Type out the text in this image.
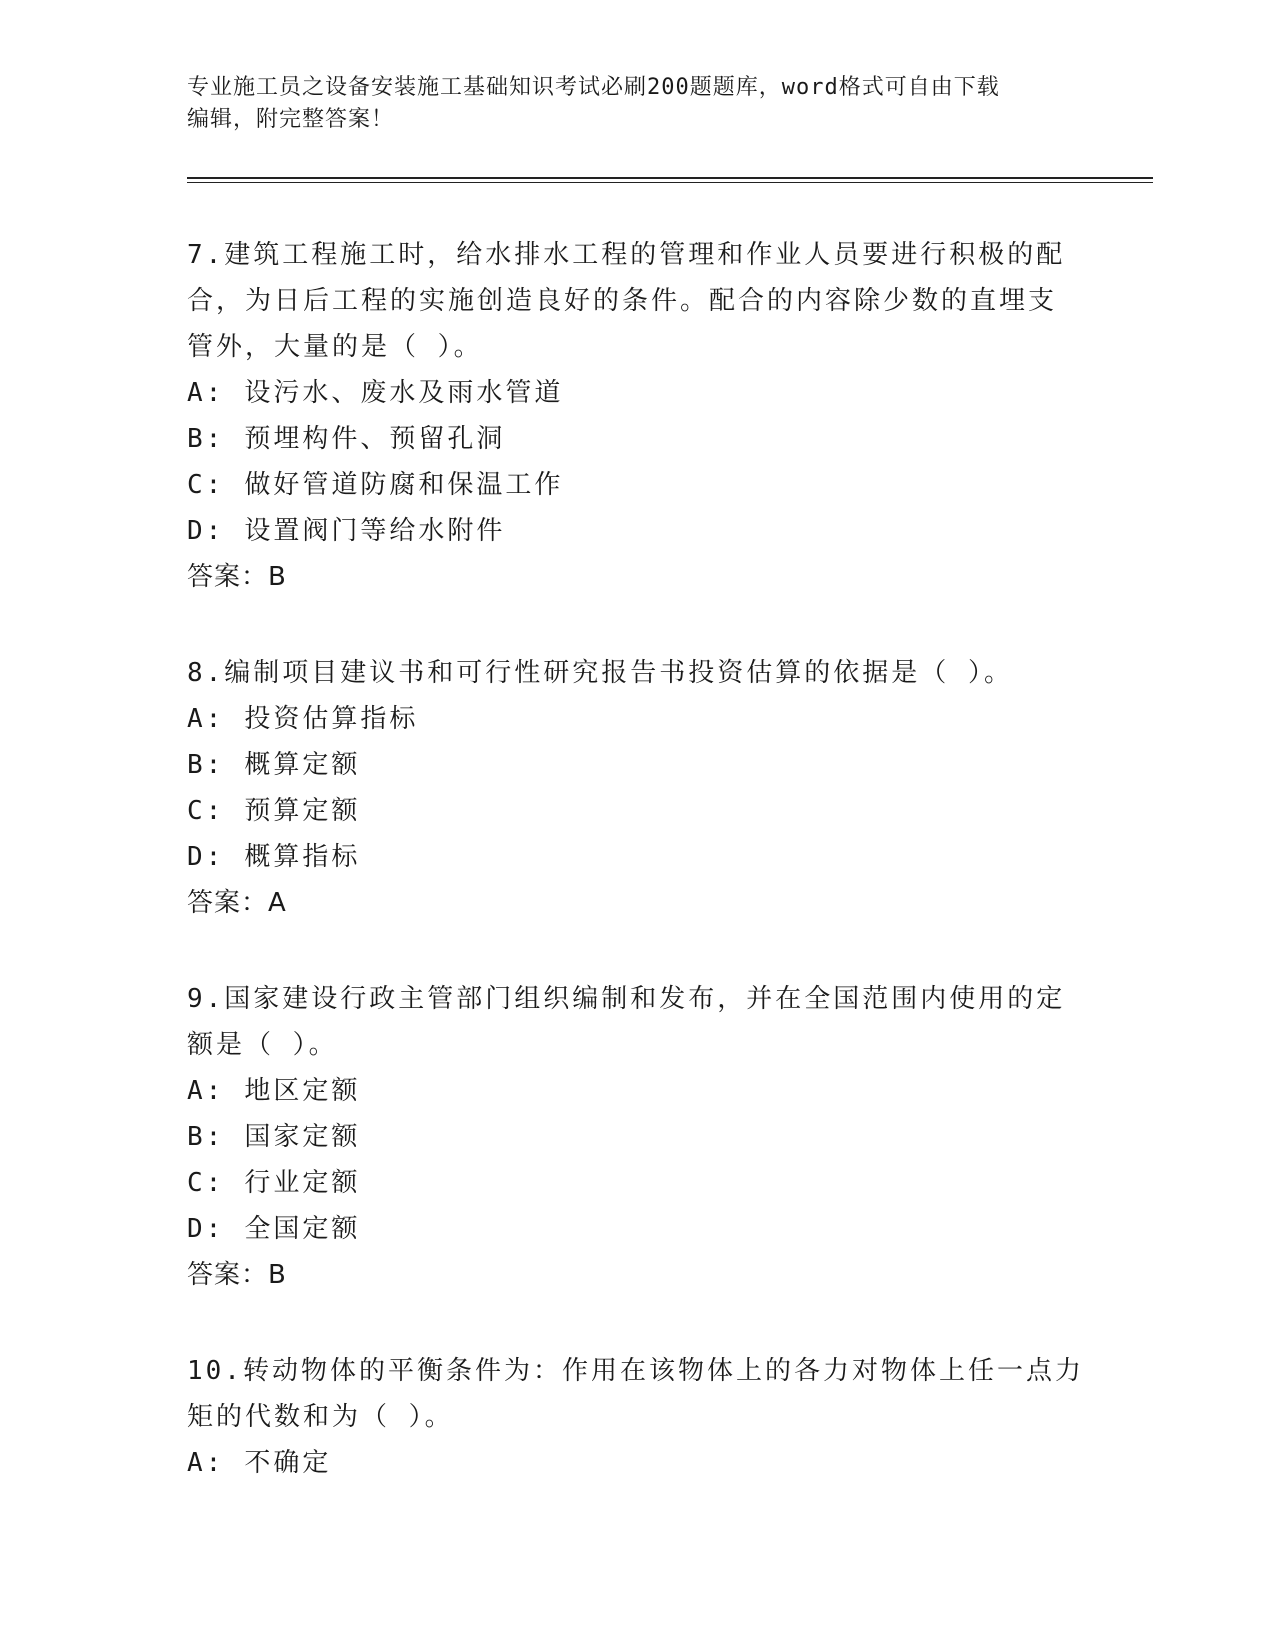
专业施工员之设备安装施工基础知识考试必刷200题题库，word格式可自由下载
编辑，附完整答案！
7.建筑工程施工时，给水排水工程的管理和作业人员要进行积极的配
合，为日后工程的实施创造良好的条件。配合的内容除少数的直埋支
管外，大量的是（ ）。
A: 设污水、废水及雨水管道
B: 预埋构件、预留孔洞
C: 做好管道防腐和保温工作
D: 设置阀门等给水附件
答案：B
8.编制项目建议书和可行性研究报告书投资估算的依据是（ ）。
A: 投资估算指标
B: 概算定额
C: 预算定额
D: 概算指标
答案：A
9.国家建设行政主管部门组织编制和发布，并在全国范围内使用的定
额是（ ）。
A: 地区定额
B: 国家定额
C: 行业定额
D: 全国定额
答案：B
10.转动物体的平衡条件为：作用在该物体上的各力对物体上任一点力
矩的代数和为（ ）。
A: 不确定
